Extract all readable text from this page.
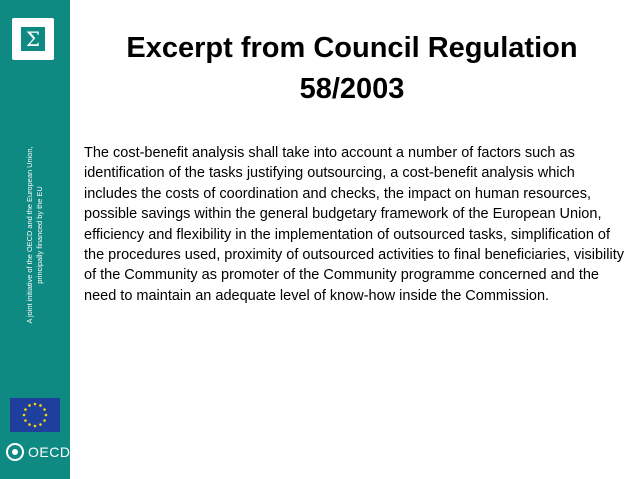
Σ
A joint initiative of the OECD and the European Union, principally financed by the EU
OECD
Excerpt from Council Regulation
58/2003
The cost-benefit analysis shall take into account a number of factors such as identification of the tasks justifying outsourcing, a cost-benefit analysis which includes the costs of coordination and checks, the impact on human resources, possible savings within the general budgetary framework of the European Union, efficiency and flexibility in the implementation of outsourced tasks, simplification of the procedures used, proximity of outsourced activities to final beneficiaries, visibility of the Community as promoter of the Community programme concerned and the need to maintain an adequate level of know-how inside the Commission.
